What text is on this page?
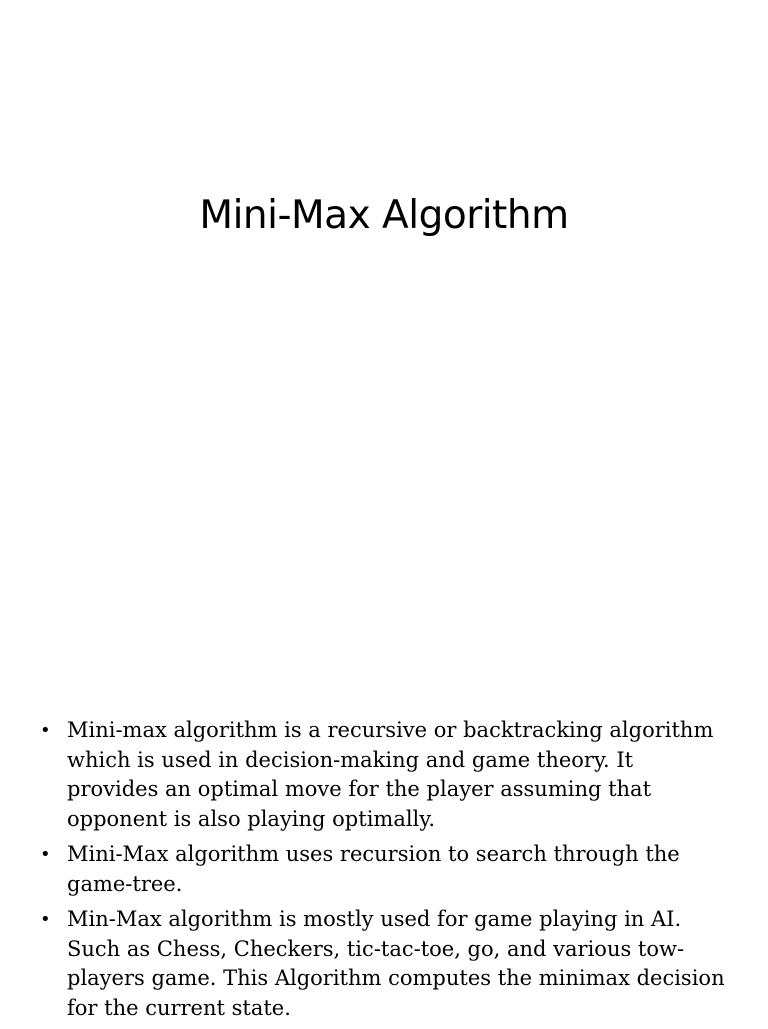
Mini-Max Algorithm
• Mini-max algorithm is a recursive or backtracking algorithm which is used in decision-making and game theory. It provides an optimal move for the player assuming that opponent is also playing optimally.
• Mini-Max algorithm uses recursion to search through the game-tree.
• Min-Max algorithm is mostly used for game playing in AI. Such as Chess, Checkers, tic-tac-toe, go, and various tow-players game. This Algorithm computes the minimax decision for the current state.
